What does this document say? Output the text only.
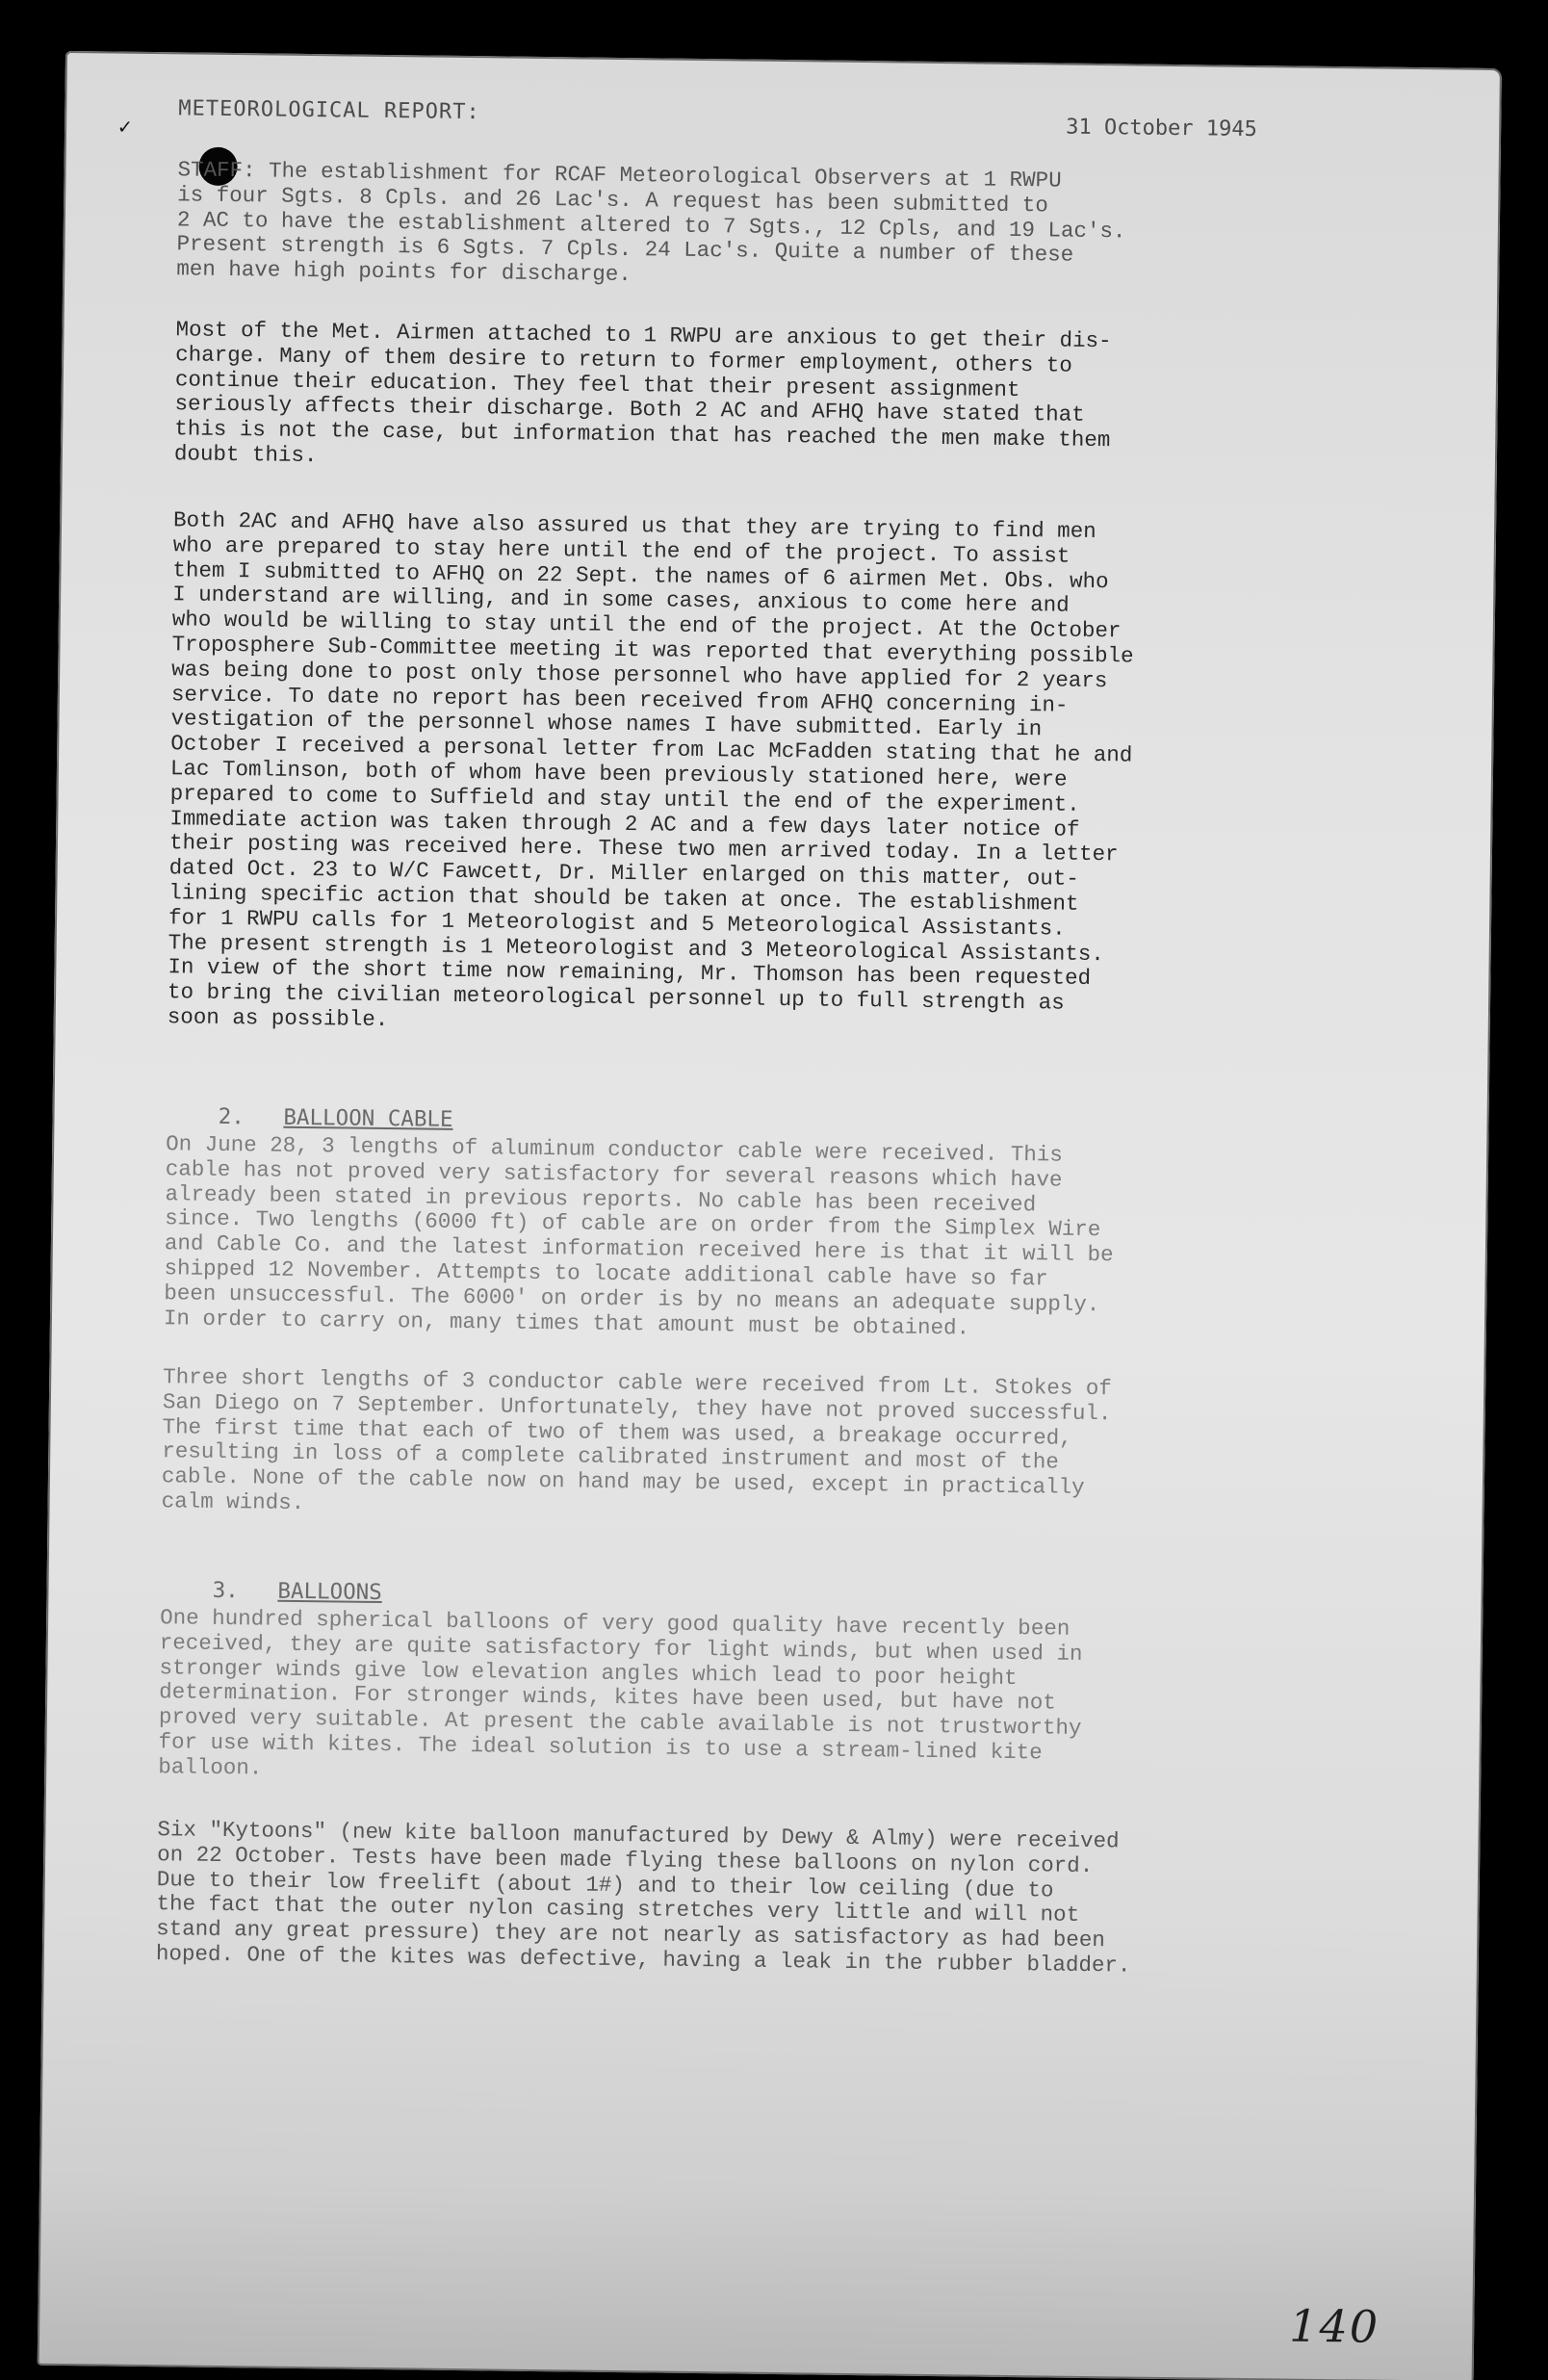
✓
METEOROLOGICAL REPORT:
31 October 1945
STAFF: The establishment for RCAF Meteorological Observers at 1 RWPU
is four Sgts. 8 Cpls. and 26 Lac's. A request has been submitted to
2 AC to have the establishment altered to 7 Sgts., 12 Cpls, and 19 Lac's.
Present strength is 6 Sgts. 7 Cpls. 24 Lac's. Quite a number of these
men have high points for discharge.
Most of the Met. Airmen attached to 1 RWPU are anxious to get their dis-
charge. Many of them desire to return to former employment, others to
continue their education. They feel that their present assignment
seriously affects their discharge. Both 2 AC and AFHQ have stated that
this is not the case, but information that has reached the men make them
doubt this.
Both 2AC and AFHQ have also assured us that they are trying to find men
who are prepared to stay here until the end of the project. To assist
them I submitted to AFHQ on 22 Sept. the names of 6 airmen Met. Obs. who
I understand are willing, and in some cases, anxious to come here and
who would be willing to stay until the end of the project. At the October
Troposphere Sub-Committee meeting it was reported that everything possible
was being done to post only those personnel who have applied for 2 years
service. To date no report has been received from AFHQ concerning in-
vestigation of the personnel whose names I have submitted. Early in
October I received a personal letter from Lac McFadden stating that he and
Lac Tomlinson, both of whom have been previously stationed here, were
prepared to come to Suffield and stay until the end of the experiment.
Immediate action was taken through 2 AC and a few days later notice of
their posting was received here. These two men arrived today. In a letter
dated Oct. 23 to W/C Fawcett, Dr. Miller enlarged on this matter, out-
lining specific action that should be taken at once. The establishment
for 1 RWPU calls for 1 Meteorologist and 5 Meteorological Assistants.
The present strength is 1 Meteorologist and 3 Meteorological Assistants.
In view of the short time now remaining, Mr. Thomson has been requested
to bring the civilian meteorological personnel up to full strength as
soon as possible.

2. BALLOON CABLE

On June 28, 3 lengths of aluminum conductor cable were received. This
cable has not proved very satisfactory for several reasons which have
already been stated in previous reports. No cable has been received
since. Two lengths (6000 ft) of cable are on order from the Simplex Wire
and Cable Co. and the latest information received here is that it will be
shipped 12 November. Attempts to locate additional cable have so far
been unsuccessful. The 6000' on order is by no means an adequate supply.
In order to carry on, many times that amount must be obtained.
Three short lengths of 3 conductor cable were received from Lt. Stokes of
San Diego on 7 September. Unfortunately, they have not proved successful.
The first time that each of two of them was used, a breakage occurred,
resulting in loss of a complete calibrated instrument and most of the
cable. None of the cable now on hand may be used, except in practically
calm winds.

3. BALLOONS

One hundred spherical balloons of very good quality have recently been
received, they are quite satisfactory for light winds, but when used in
stronger winds give low elevation angles which lead to poor height
determination. For stronger winds, kites have been used, but have not
proved very suitable. At present the cable available is not trustworthy
for use with kites. The ideal solution is to use a stream-lined kite
balloon.
Six "Kytoons" (new kite balloon manufactured by Dewy & Almy) were received
on 22 October. Tests have been made flying these balloons on nylon cord.
Due to their low freelift (about 1#) and to their low ceiling (due to
the fact that the outer nylon casing stretches very little and will not
stand any great pressure) they are not nearly as satisfactory as had been
hoped. One of the kites was defective, having a leak in the rubber bladder.
140
